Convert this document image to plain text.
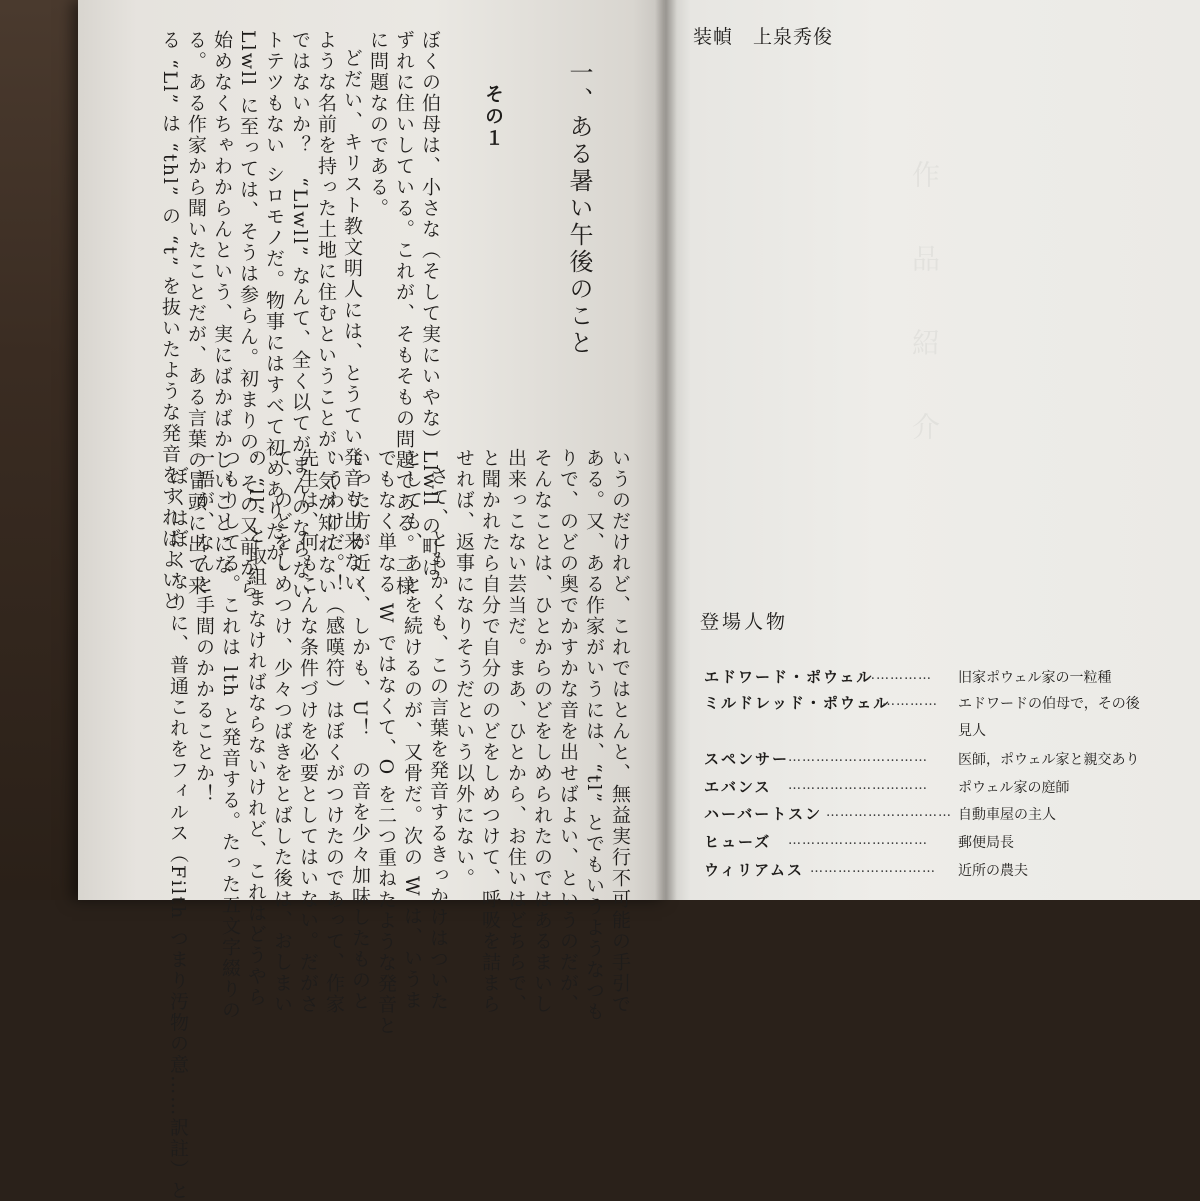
一、ある暑い午後のこと
その１
ぼくの伯母は、小さな（そして実にいやな）Llwll の町は
ずれに住いしている。これが、そもそもの問題である。二様
に問題なのである。
どだい、キリスト教文明人には、とうてい発音も出来ない
ような名前を持った土地に住むということが、気が知れない
ではないか？　“Llwll” なんて、全く以てがまんのならない
トテツもない シロモノだ。物事にはすべて初めありだが、
Llwll に至っては、そうは参らん。初まりの、その又前から
始めなくちゃわからんという、実にばかばかしいことにな
る。ある作家から聞いたことだが、ある言葉の冒頭に出て来
る “Ll” は “thl” の “t” を抜いたような発音をすればよいと
いうのだけれど、これではとんと、無益実行不可能の手引で
ある。又、ある作家がいうには、“tl” とでもいうようなつも
りで、のどの奥でかすかな音を出せばよい、というのだが、
そんなことは、ひとからのどをしめられたのではあるまいし
出来っこない芸当だ。まあ、ひとから、お住いはどちらで、
と聞かれたら自分で自分ののどをしめつけて、呼吸を詰まら
せれば、返事になりそうだという以外にない。
さて、ともかくも、この言葉を発音するきっかけはついた
としても、あとを続けるのが、又骨だ。次の W は、いうま
でもなく単なる W ではなくて、O を二つ重ねたような発音と
いった方が近く、しかも、U！　の音を少々加味したものと
いうわけだ。！（感嘆符）はぼくがつけたのであって、作家
先生は、何もこんな条件づけを必要としてはいない。だがさ
て、のどをしめつけ、少々つばきをとばした後は、おしまい
の “ll” と取組まなければならないけれど、これはどうやら
つもりしてる。これは lth と発音する。たった五文字綴りの
一語が、なんと手間のかかることか！
ぼくはぼくなりに、普通これをフィルス（Filth つまり汚物の意……訳註）と
装幀　上泉秀俊
作品紹介
登場人物
エドワード・ポウェル
…………… 旧家ポウェル家の一粒種
ミルドレッド・ポウェル
………… エドワードの伯母で，その後
見人
スペンサー
………………………… 医師，ポウェル家と親交あり
エバンス ………………………… ポウェル家の庭師
ハーバートスン ……………………… 自動車屋の主人
ヒューズ ………………………… 郵便局長
ウィリアムス ……………………… 近所の農夫
